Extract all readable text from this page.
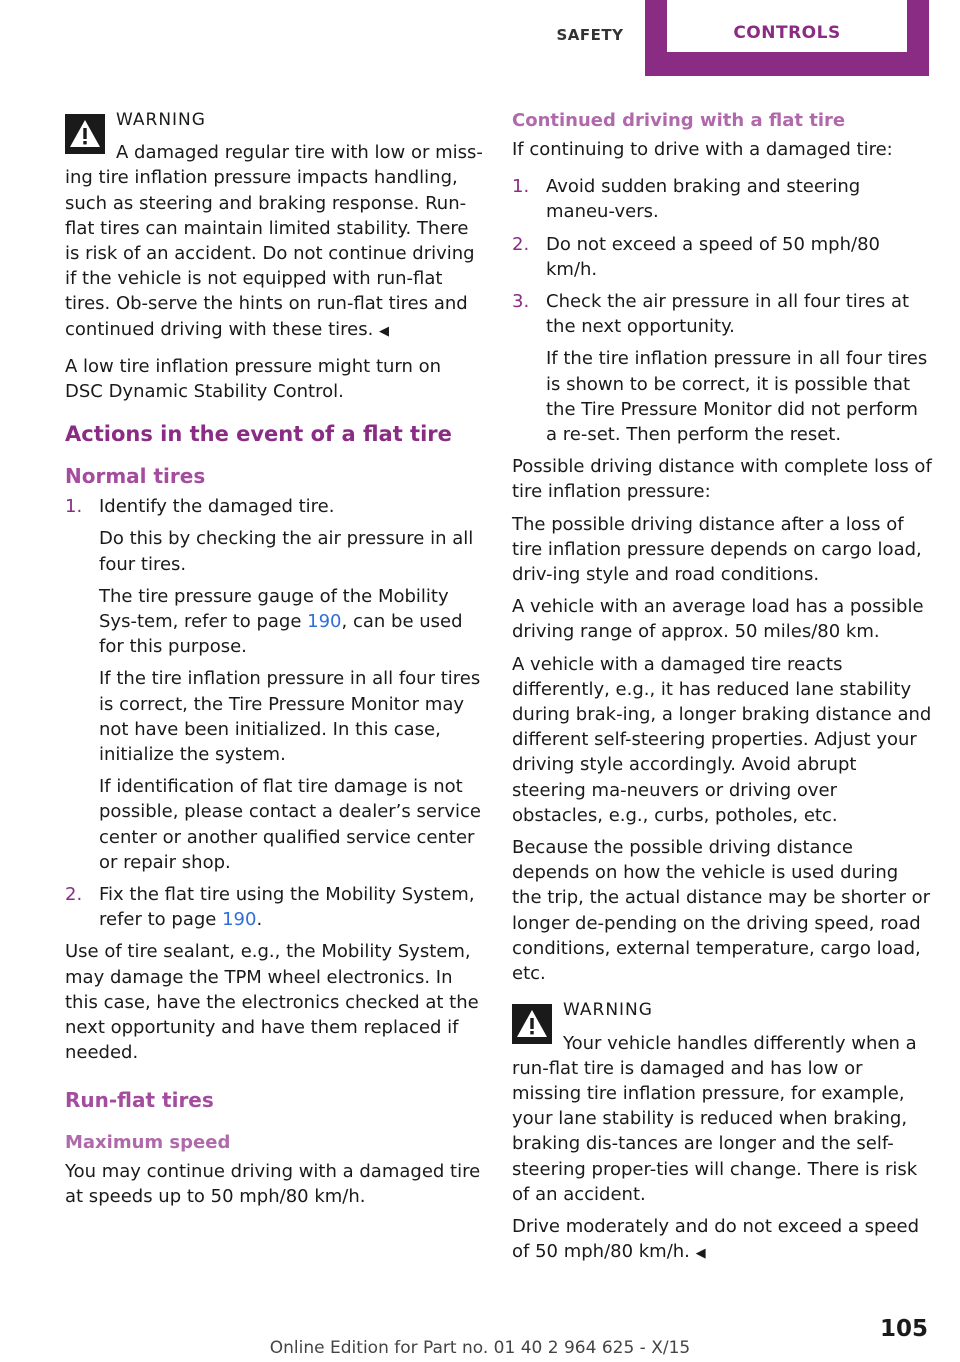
SAFETY	CONTROLS
WARNING

A damaged regular tire with low or miss-ing tire inflation pressure impacts handling, such as steering and braking response. Run-flat tires can maintain limited stability. There is risk of an accident. Do not continue driving if the vehicle is not equipped with run-flat tires. Ob-serve the hints on run-flat tires and continued driving with these tires. ◀

A low tire inflation pressure might turn on DSC Dynamic Stability Control.

Actions in the event of a flat tire
Normal tires
1. Identify the damaged tire.
Do this by checking the air pressure in all four tires.
The tire pressure gauge of the Mobility Sys-tem, refer to page 190, can be used for this purpose.
If the tire inflation pressure in all four tires is correct, the Tire Pressure Monitor may not have been initialized. In this case, initialize the system.
If identification of flat tire damage is not possible, please contact a dealer’s service center or another qualified service center or repair shop.
2. Fix the flat tire using the Mobility System, refer to page 190.

Use of tire sealant, e.g., the Mobility System, may damage the TPM wheel electronics. In this case, have the electronics checked at the next opportunity and have them replaced if needed.

Run-flat tires
Maximum speed

You may continue driving with a damaged tire at speeds up to 50 mph/80 km/h.

Continued driving with a flat tire

If continuing to drive with a damaged tire:

1. Avoid sudden braking and steering maneu-vers.
2. Do not exceed a speed of 50 mph/80 km/h.
3. Check the air pressure in all four tires at the next opportunity.
If the tire inflation pressure in all four tires is shown to be correct, it is possible that the Tire Pressure Monitor did not perform a re-set. Then perform the reset.

Possible driving distance with complete loss of tire inflation pressure:

The possible driving distance after a loss of tire inflation pressure depends on cargo load, driv-ing style and road conditions.

A vehicle with an average load has a possible driving range of approx. 50 miles/80 km.

A vehicle with a damaged tire reacts differently, e.g., it has reduced lane stability during brak-ing, a longer braking distance and different self-steering properties. Adjust your driving style accordingly. Avoid abrupt steering ma-neuvers or driving over obstacles, e.g., curbs, potholes, etc.

Because the possible driving distance depends on how the vehicle is used during the trip, the actual distance may be shorter or longer de-pending on the driving speed, road conditions, external temperature, cargo load, etc.

WARNING

Your vehicle handles differently when a run-flat tire is damaged and has low or missing tire inflation pressure, for example, your lane stability is reduced when braking, braking dis-tances are longer and the self-steering proper-ties will change. There is risk of an accident.

Drive moderately and do not exceed a speed of 50 mph/80 km/h. ◀

105
Online Edition for Part no. 01 40 2 964 625 - X/15
